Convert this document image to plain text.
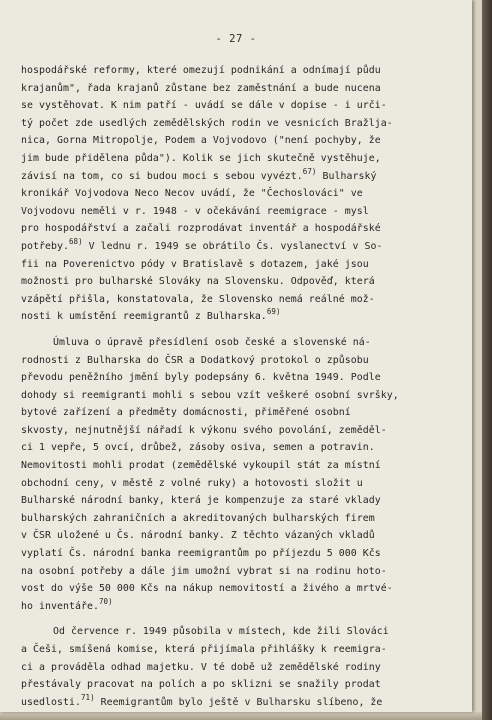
- 27 -
hospodářské reformy, které omezují podnikání a odnímají půdu
krajanům", řada krajanů zůstane bez zaměstnání a bude nucena
se vystěhovat. K nim patří - uvádí se dále v dopise - i urči-
tý počet zde usedlých zemědělských rodin ve vesnicích Bražlja-
nica, Gorna Mitropolje, Podem a Vojvodovo ("není pochyby, že
jim bude přidělena půda"). Kolik se jich skutečně vystěhuje,
závisí na tom, co si budou moci s sebou vyvézt.$^{67)}$ Bulharský
kronikář Vojvodova Neco Necov uvádí, že "Čechoslováci" ve
Vojvodovu neměli v r. 1948 - v očekávání reemigrace - mysl
pro hospodářství a začali rozprodávat inventář a hospodářské
potřeby.$^{68)}$ V lednu r. 1949 se obrátilo Čs. vyslanectví v So-
fii na Poverenictvo pódy v Bratislavě s dotazem, jaké jsou
možnosti pro bulharské Slováky na Slovensku. Odpověď, která
vzápětí přišla, konstatovala, že Slovensko nemá reálné mož-
nosti k umístění reemigrantů z Bulharska.$^{69)}$
Úmluva o úpravě přesídlení osob české a slovenské ná-
rodnosti z Bulharska do ČSR a Dodatkový protokol o způsobu
převodu peněžního jmění byly podepsány 6. května 1949. Podle
dohody si reemigranti mohli s sebou vzít veškeré osobní svršky,
bytové zařízení a předměty domácnosti, přiměřené osobní
skvosty, nejnutnější nářadí k výkonu svého povolání, zeměděl-
ci 1 vepře, 5 ovcí, drůbež, zásoby osiva, semen a potravin.
Nemovitosti mohli prodat (zemědělské vykoupil stát za místní
obchodní ceny, v městě z volné ruky) a hotovosti složit u
Bulharské národní banky, která je kompenzuje za staré vklady
bulharských zahraničních a akreditovaných bulharských firem
v ČSR uložené u Čs. národní banky. Z těchto vázaných vkladů
vyplatí Čs. národní banka reemigrantům po příjezdu 5 000 Kčs
na osobní potřeby a dále jim umožní vybrat si na rodinu hoto-
vost do výše 50 000 Kčs na nákup nemovitostí a živého a mrtvé-
ho inventáře.$^{70)}$
Od července r. 1949 působila v místech, kde žili Slováci
a Češi, smíšená komise, která přijímala přihlášky k reemigra-
ci a prováděla odhad majetku. V té době už zemědělské rodiny
přestávaly pracovat na polích a po sklizni se snažily prodat
usedlosti.$^{71)}$ Reemigrantům bylo ještě v Bulharsku slíbeno, že
